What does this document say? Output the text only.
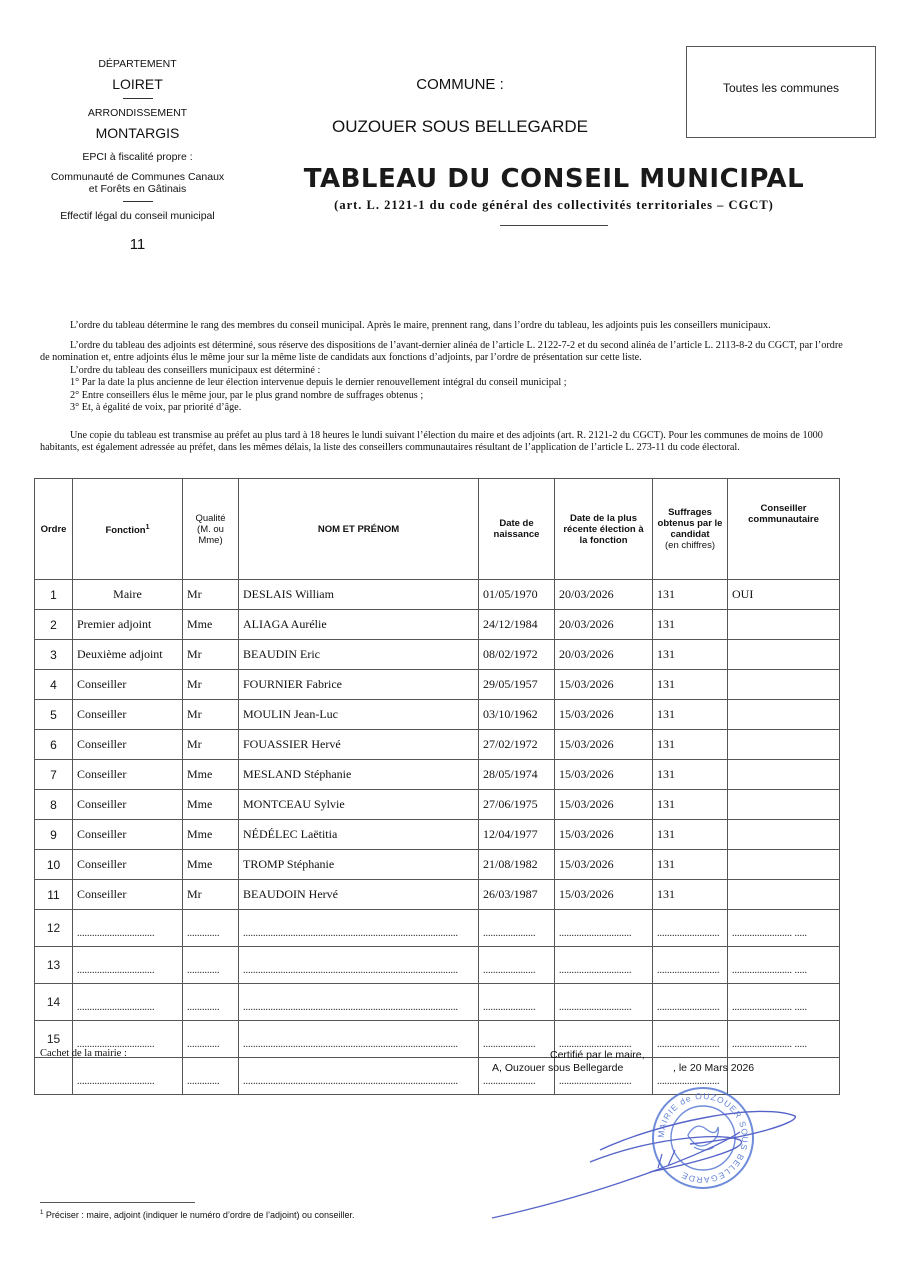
DÉPARTEMENT
LOIRET
ARRONDISSEMENT
MONTARGIS
EPCI à fiscalité propre :
Communauté de Communes Canaux
et Forêts en Gâtinais
Effectif légal du conseil municipal
11
COMMUNE :
OUZOUER SOUS BELLEGARDE
Toutes les communes
TABLEAU DU CONSEIL MUNICIPAL
(art. L. 2121-1 du code général des collectivités territoriales – CGCT)

L’ordre du tableau détermine le rang des membres du conseil municipal. Après le maire, prennent rang, dans l’ordre du tableau, les adjoints puis les conseillers municipaux.

L’ordre du tableau des adjoints est déterminé, sous réserve des dispositions de l’avant-dernier alinéa de l’article L. 2122-7-2 et du second alinéa de l’article L. 2113-8-2 du CGCT, par l’ordre de nomination et, entre adjoints élus le même jour sur la même liste de candidats aux fonctions d’adjoints, par l’ordre de présentation sur cette liste.

L’ordre du tableau des conseillers municipaux est déterminé :

1° Par la date la plus ancienne de leur élection intervenue depuis le dernier renouvellement intégral du conseil municipal ;

2° Entre conseillers élus le même jour, par le plus grand nombre de suffrages obtenus ;

3° Et, à égalité de voix, par priorité d’âge.

Une copie du tableau est transmise au préfet au plus tard à 18 heures le lundi suivant l’élection du maire et des adjoints (art. R. 2121-2 du CGCT). Pour les communes de moins de 1000 habitants, est également adressée au préfet, dans les mêmes délais, la liste des conseillers communautaires résultant de l’application de l’article L. 273-11 du code électoral.

Ordre	Fonction$^1$	Qualité
(M. ou
Mme)	NOM ET PRÉNOM	Date de
naissance	Date de la plus
récente élection à
la fonction	Suffrages
obtenus par le
candidat
(en chiffres)	Conseiller
communautaire
1	Maire	Mr	DESLAIS William	01/05/1970	20/03/2026	131	OUI
2	Premier adjoint	Mme	ALIAGA Aurélie	24/12/1984	20/03/2026	131	
3	Deuxième adjoint	Mr	BEAUDIN Eric	08/02/1972	20/03/2026	131	
4	Conseiller	Mr	FOURNIER Fabrice	29/05/1957	15/03/2026	131	
5	Conseiller	Mr	MOULIN Jean-Luc	03/10/1962	15/03/2026	131	
6	Conseiller	Mr	FOUASSIER Hervé	27/02/1972	15/03/2026	131	
7	Conseiller	Mme	MESLAND Stéphanie	28/05/1974	15/03/2026	131	
8	Conseiller	Mme	MONTCEAU Sylvie	27/06/1975	15/03/2026	131	
9	Conseiller	Mme	NÉDÉLEC Laëtitia	12/04/1977	15/03/2026	131	
10	Conseiller	Mme	TROMP Stéphanie	21/08/1982	15/03/2026	131	
11	Conseiller	Mr	BEAUDOIN Hervé	26/03/1987	15/03/2026	131	
12	...............................	.............	......................................................................................	.....................	.............................	.........................	........................ .....
13	...............................	.............	......................................................................................	.....................	.............................	.........................	........................ .....
14	...............................	.............	......................................................................................	.....................	.............................	.........................	........................ .....
15	...............................	.............	......................................................................................	.....................	.............................	.........................	........................ .....
	...............................	.............	......................................................................................	.....................	.............................	.........................	
Cachet de la mairie :	Certifié par le maire,
A, Ouzouer sous Bellegarde	, le 20 Mars 2026
MAIRIE de OUZOUER SOUS BELLEGARDE
$^1$ Préciser : maire, adjoint (indiquer le numéro d’ordre de l’adjoint) ou conseiller.
